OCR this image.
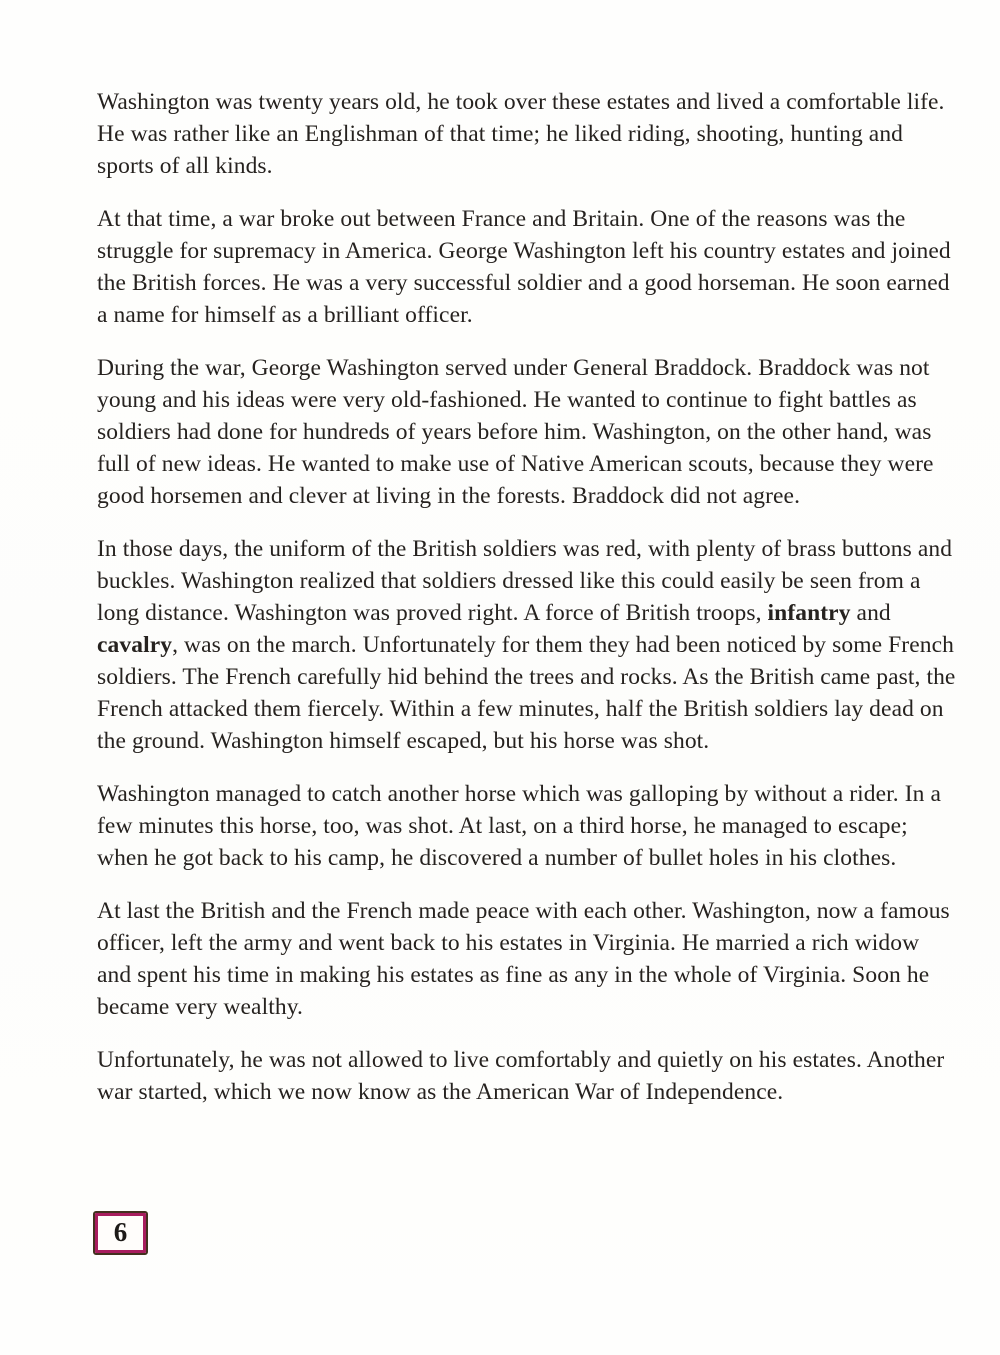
Washington was twenty years old, he took over these estates and lived a comfortable life. He was rather like an Englishman of that time; he liked riding, shooting, hunting and sports of all kinds.

At that time, a war broke out between France and Britain. One of the reasons was the struggle for supremacy in America. George Washington left his country estates and joined the British forces. He was a very successful soldier and a good horseman. He soon earned a name for himself as a brilliant officer.

During the war, George Washington served under General Braddock. Braddock was not young and his ideas were very old-fashioned. He wanted to continue to fight battles as soldiers had done for hundreds of years before him. Washington, on the other hand, was full of new ideas. He wanted to make use of Native American scouts, because they were good horsemen and clever at living in the forests. Braddock did not agree.

In those days, the uniform of the British soldiers was red, with plenty of brass buttons and buckles. Washington realized that soldiers dressed like this could easily be seen from a long distance. Washington was proved right. A force of British troops, infantry and cavalry, was on the march. Unfortunately for them they had been noticed by some French soldiers. The French carefully hid behind the trees and rocks. As the British came past, the French attacked them fiercely. Within a few minutes, half the British soldiers lay dead on the ground. Washington himself escaped, but his horse was shot.

Washington managed to catch another horse which was galloping by without a rider. In a few minutes this horse, too, was shot. At last, on a third horse, he managed to escape; when he got back to his camp, he discovered a number of bullet holes in his clothes.

At last the British and the French made peace with each other. Washington, now a famous officer, left the army and went back to his estates in Virginia. He married a rich widow and spent his time in making his estates as fine as any in the whole of Virginia. Soon he became very wealthy.

Unfortunately, he was not allowed to live comfortably and quietly on his estates. Another war started, which we now know as the American War of Independence.

6
